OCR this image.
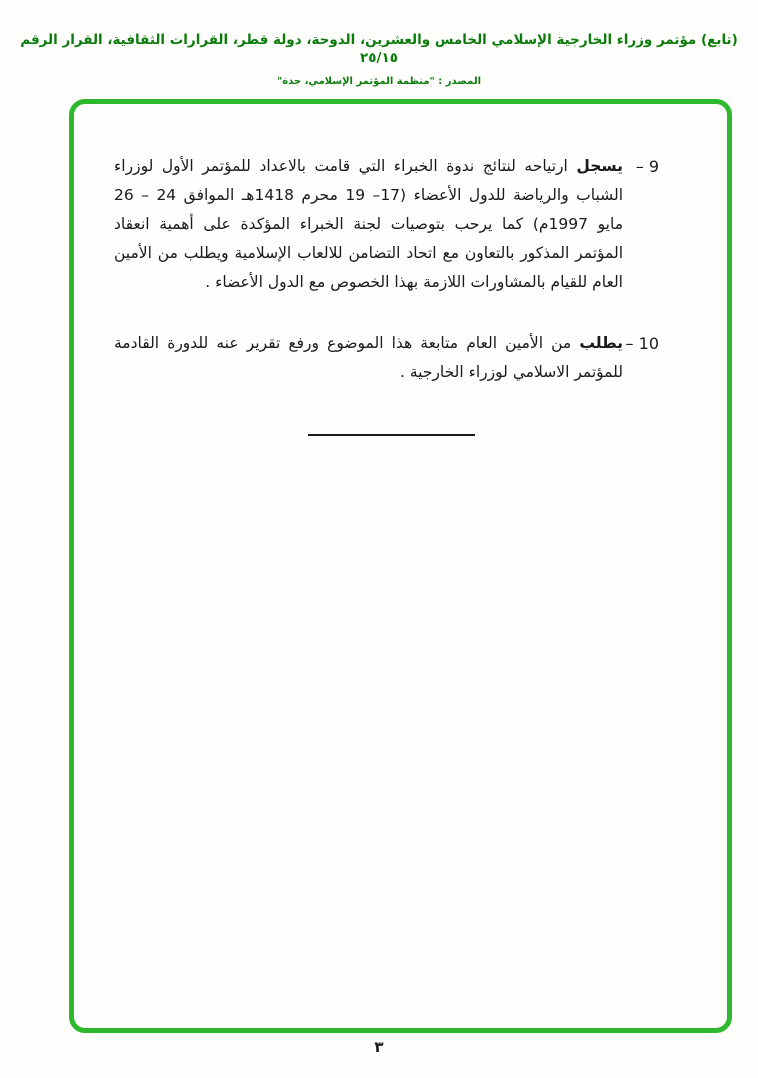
(تابع) مؤتمر وزراء الخارجية الإسلامي الخامس والعشرين، الدوحة، دولة قطر، القرارات الثقافية، القرار الرقم ٢٥/١٥
المصدر : "منظمة المؤتمر الإسلامي، جدة"
9 –

يسجل ارتياحه لنتائج ندوة الخبراء التي قامت بالاعداد للمؤتمر الأول لوزراء الشباب والرياضة للدول الأعضاء (17– 19 محرم 1418هـ الموافق 24 – 26 مايو 1997م) كما يرحب بتوصيات لجنة الخبراء المؤكدة على أهمية انعقاد المؤتمر المذكور بالتعاون مع اتحاد التضامن للالعاب الإسلامية ويطلب من الأمين العام للقيام بالمشاورات اللازمة بهذا الخصوص مع الدول الأعضاء .

10 –

يطلب من الأمين العام متابعة هذا الموضوع ورفع تقرير عنه للدورة القادمة للمؤتمر الاسلامي لوزراء الخارجية .

٣
